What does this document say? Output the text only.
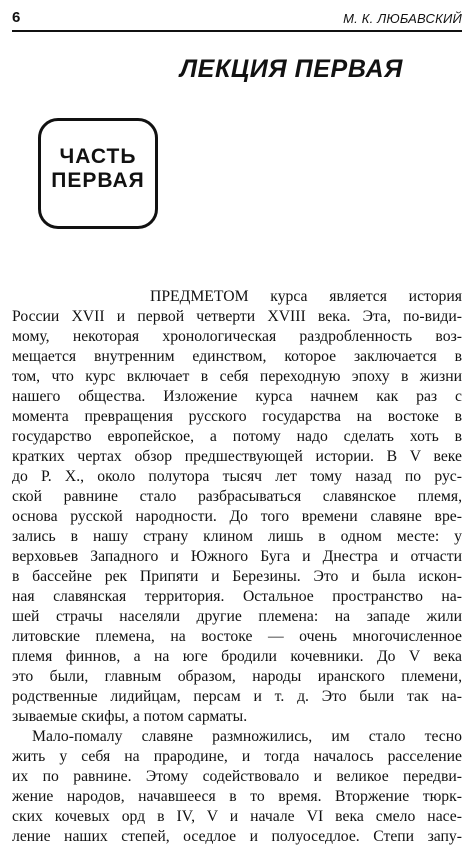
6	М. К. ЛЮБАВСКИЙ
ЛЕКЦИЯ ПЕРВАЯ
ЧАСТЬ
ПЕРВАЯ
ПРЕДМЕТОМ курса является история
России XVII и первой четверти XVIII века. Эта, по-види-
мому, некоторая хронологическая раздробленность воз-
мещается внутренним единством, которое заключается в
том, что курс включает в себя переходную эпоху в жизни
нашего общества. Изложение курса начнем как раз с
момента превращения русского государства на востоке в
государство европейское, а потому надо сделать хоть в
кратких чертах обзор предшествующей истории. В V веке
до Р. Х., около полутора тысяч лет тому назад по рус-
ской равнине стало разбрасываться славянское племя,
основа русской народности. До того времени славяне вре-
зались в нашу страну клином лишь в одном месте: у
верховьев Западного и Южного Буга и Днестра и отчасти
в бассейне рек Припяти и Березины. Это и была искон-
ная славянская территория. Остальное пространство на-
шей страчы населяли другие племена: на западе жили
литовские племена, на востоке — очень многочисленное
племя финнов, а на юге бродили кочевники. До V века
это были, главным образом, народы иранского племени,
родственные лидийцам, персам и т. д. Это были так на-
зываемые скифы, а потом сарматы.
Мало-помалу славяне размножились, им стало тесно
жить у себя на прародине, и тогда началось расселение
их по равнине. Этому содействовало и великое передви-
жение народов, начавшееся в то время. Вторжение тюрк-
ских кочевых орд в IV, V и начале VI века смело насе-
ление наших степей, оседлое и полуоседлое. Степи запу-
